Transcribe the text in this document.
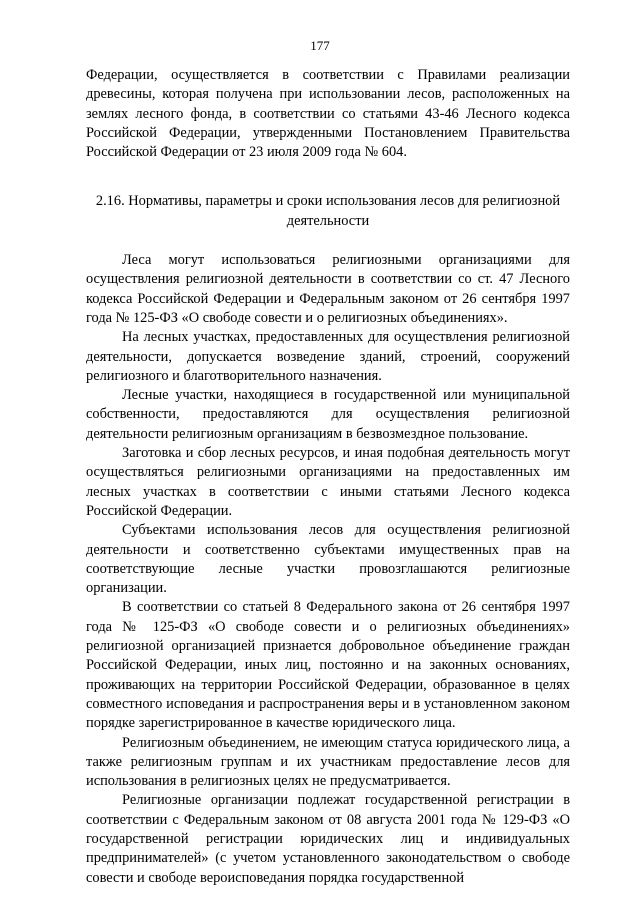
177

Федерации, осуществляется в соответствии с Правилами реализации древесины, которая получена при использовании лесов, расположенных на землях лесного фонда, в соответствии со статьями 43-46 Лесного кодекса Российской Федерации, утвержденными Постановлением Правительства Российской Федерации от 23 июля 2009 года № 604.

2.16. Нормативы, параметры и сроки использования лесов для религиозной деятельности

Леса могут использоваться религиозными организациями для осуществления религиозной деятельности в соответствии со ст. 47 Лесного кодекса Российской Федерации и Федеральным законом от 26 сентября 1997 года № 125-ФЗ «О свободе совести и о религиозных объединениях».

На лесных участках, предоставленных для осуществления религиозной деятельности, допускается возведение зданий, строений, сооружений религиозного и благотворительного назначения.

Лесные участки, находящиеся в государственной или муниципальной собственности, предоставляются для осуществления религиозной деятельности религиозным организациям в безвозмездное пользование.

Заготовка и сбор лесных ресурсов, и иная подобная деятельность могут осуществляться религиозными организациями на предоставленных им лесных участках в соответствии с иными статьями Лесного кодекса Российской Федерации.

Субъектами использования лесов для осуществления религиозной деятельности и соответственно субъектами имущественных прав на соответствующие лесные участки провозглашаются религиозные организации.

В соответствии со статьей 8 Федерального закона от 26 сентября 1997 года № 125-ФЗ «О свободе совести и о религиозных объединениях» религиозной организацией признается добровольное объединение граждан Российской Федерации, иных лиц, постоянно и на законных основаниях, проживающих на территории Российской Федерации, образованное в целях совместного исповедания и распространения веры и в установленном законом порядке зарегистрированное в качестве юридического лица.

Религиозным объединением, не имеющим статуса юридического лица, а также религиозным группам и их участникам предоставление лесов для использования в религиозных целях не предусматривается.

Религиозные организации подлежат государственной регистрации в соответствии с Федеральным законом от 08 августа 2001 года № 129-ФЗ «О государственной регистрации юридических лиц и индивидуальных предпринимателей» (с учетом установленного законодательством о свободе совести и свободе вероисповедания порядка государственной
